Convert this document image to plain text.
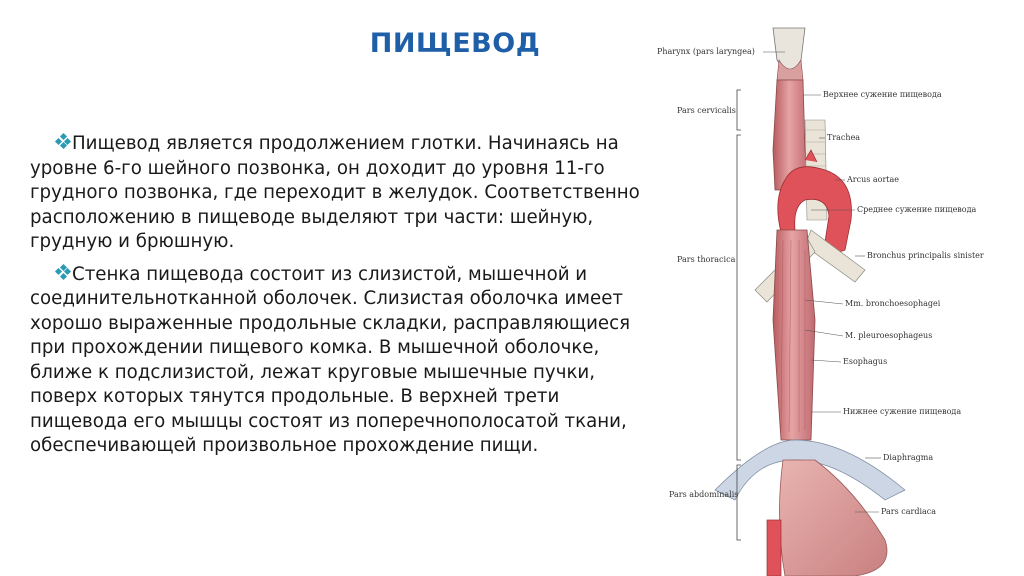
ПИЩЕВОД

Пищевод является продолжением глотки. Начинаясь на уровне 6-го шейного позвонка, он доходит до уровня 11-го грудного позвонка, где переходит в желудок. Соответственно расположению в пищеводе выделяют три части: шейную, грудную и брюшную.

Стенка пищевода состоит из слизистой, мышечной и соединительнотканной оболочек. Слизистая оболочка имеет хорошо выраженные продольные складки, расправляющиеся при прохождении пищевого комка. В мышечной оболочке, ближе к подслизистой, лежат круговые мышечные пучки, поверх которых тянутся продольные. В верхней трети пищевода его мышцы состоят из поперечнополосатой ткани, обеспечивающей произвольное прохождение пищи.

Pharynx (pars laryngea)
Верхнее сужение пищевода
Pars cervicalis
Trachea
Arcus aortae
Среднее сужение пищевода
Pars thoracica	Bronchus principalis sinister
Mm. bronchoesophagei
M. pleuroesophageus
Esophagus
Нижнее сужение пищевода
Diaphragma
Pars abdominalis
Pars cardiaca
